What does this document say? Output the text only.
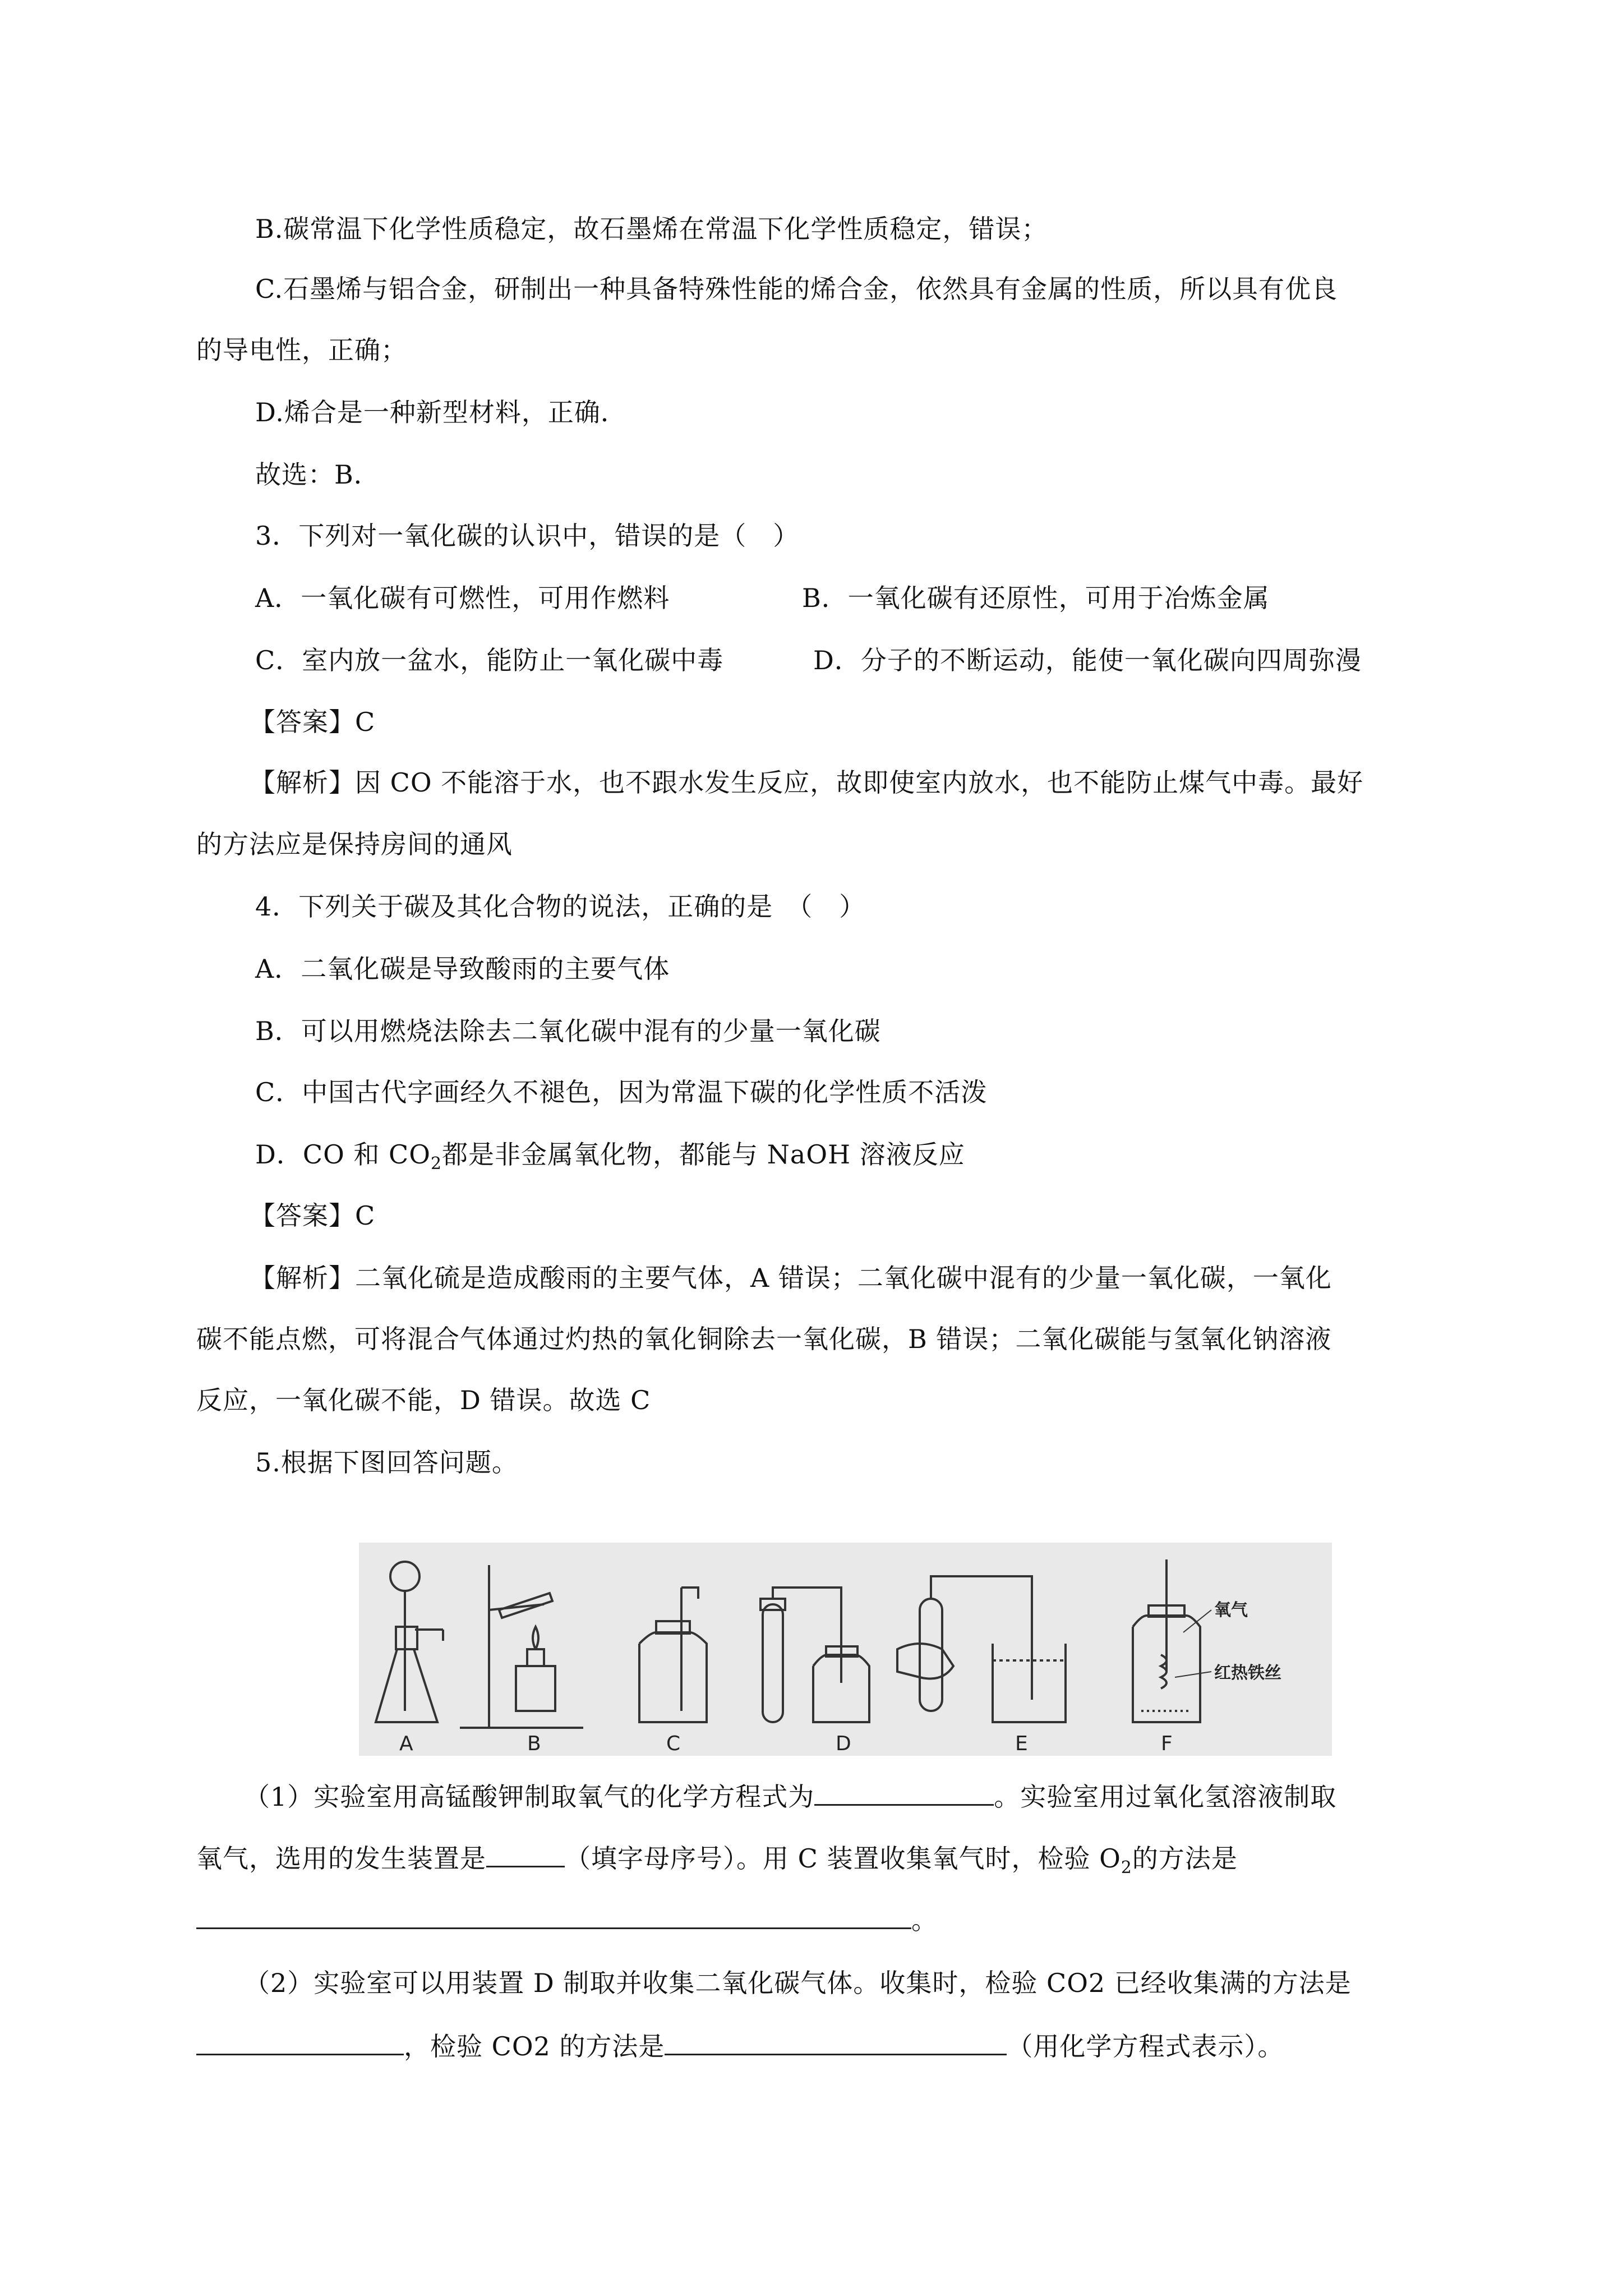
B.碳常温下化学性质稳定，故石墨烯在常温下化学性质稳定，错误；
C.石墨烯与铝合金，研制出一种具备特殊性能的烯合金，依然具有金属的性质，所以具有优良
的导电性，正确；
D.烯合是一种新型材料，正确．
故选：B．
3．下列对一氧化碳的认识中，错误的是（　）
A．一氧化碳有可燃性，可用作燃料	B．一氧化碳有还原性，可用于冶炼金属
C．室内放一盆水，能防止一氧化碳中毒	D．分子的不断运动，能使一氧化碳向四周弥漫
【答案】C
【解析】因 CO 不能溶于水，也不跟水发生反应，故即使室内放水，也不能防止煤气中毒。最好
的方法应是保持房间的通风
4．下列关于碳及其化合物的说法，正确的是　（　）
A．二氧化碳是导致酸雨的主要气体
B．可以用燃烧法除去二氧化碳中混有的少量一氧化碳
C．中国古代字画经久不褪色，因为常温下碳的化学性质不活泼
D．CO 和 $CO_2$都是非金属氧化物，都能与 NaOH 溶液反应
【答案】C
【解析】二氧化硫是造成酸雨的主要气体，A 错误；二氧化碳中混有的少量一氧化碳，一氧化
碳不能点燃，可将混合气体通过灼热的氧化铜除去一氧化碳，B 错误；二氧化碳能与氢氧化钠溶液
反应，一氧化碳不能，D 错误。故选 C
5.根据下图回答问题。
氧气
红热铁丝
A	B	C	D	E	F
（1）实验室用高锰酸钾制取氧气的化学方程式为	。实验室用过氧化氢溶液制取
氧气，选用的发生装置是	（填字母序号）。用 C 装置收集氧气时，检验 $O_2$的方法是
。
（2）实验室可以用装置 D 制取并收集二氧化碳气体。收集时，检验 CO2 已经收集满的方法是
，检验 CO2 的方法是	（用化学方程式表示）。
